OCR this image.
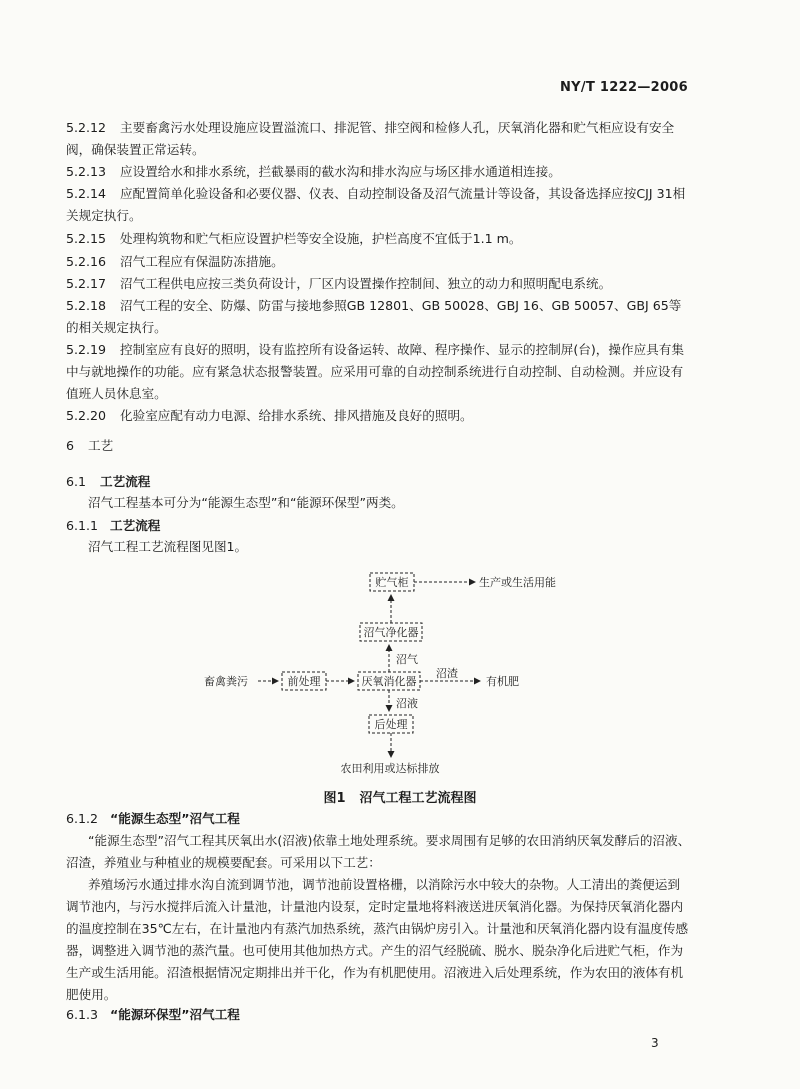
NY/T 1222—2006
5.2.12 主要畜禽污水处理设施应设置溢流口、排泥管、排空阀和检修人孔，厌氧消化器和贮气柜应设有安全阀，确保装置正常运转。
5.2.13 应设置给水和排水系统，拦截暴雨的截水沟和排水沟应与场区排水通道相连接。
5.2.14 应配置简单化验设备和必要仪器、仪表、自动控制设备及沼气流量计等设备，其设备选择应按CJJ 31相关规定执行。
5.2.15 处理构筑物和贮气柜应设置护栏等安全设施，护栏高度不宜低于1.1 m。
5.2.16 沼气工程应有保温防冻措施。
5.2.17 沼气工程供电应按三类负荷设计，厂区内设置操作控制间、独立的动力和照明配电系统。
5.2.18 沼气工程的安全、防爆、防雷与接地参照GB 12801、GB 50028、GBJ 16、GB 50057、GBJ 65等的相关规定执行。
5.2.19 控制室应有良好的照明，设有监控所有设备运转、故障、程序操作、显示的控制屏(台)，操作应具有集中与就地操作的功能。应有紧急状态报警装置。应采用可靠的自动控制系统进行自动控制、自动检测。并应设有值班人员休息室。
5.2.20 化验室应配有动力电源、给排水系统、排风措施及良好的照明。
6 工艺
6.1 工艺流程
沼气工程基本可分为“能源生态型”和“能源环保型”两类。
6.1.1 工艺流程
沼气工程工艺流程图见图1。
贮气柜
沼气净化器
前处理	厌氧消化器
后处理
生产或生活用能
沼气
畜禽粪污
沼渣
有机肥
沼液
农田利用或达标排放
图1 沼气工程工艺流程图
6.1.2 “能源生态型”沼气工程
“能源生态型”沼气工程其厌氧出水(沼液)依靠土地处理系统。要求周围有足够的农田消纳厌氧发酵后的沼液、沼渣，养殖业与种植业的规模要配套。可采用以下工艺：
养殖场污水通过排水沟自流到调节池，调节池前设置格栅，以消除污水中较大的杂物。人工清出的粪便运到调节池内，与污水搅拌后流入计量池，计量池内设泵，定时定量地将料液送进厌氧消化器。为保持厌氧消化器内的温度控制在35℃左右，在计量池内有蒸汽加热系统，蒸汽由锅炉房引入。计量池和厌氧消化器内设有温度传感器，调整进入调节池的蒸汽量。也可使用其他加热方式。产生的沼气经脱硫、脱水、脱杂净化后进贮气柜，作为生产或生活用能。沼渣根据情况定期排出并干化，作为有机肥使用。沼液进入后处理系统，作为农田的液体有机肥使用。
6.1.3 “能源环保型”沼气工程
3
